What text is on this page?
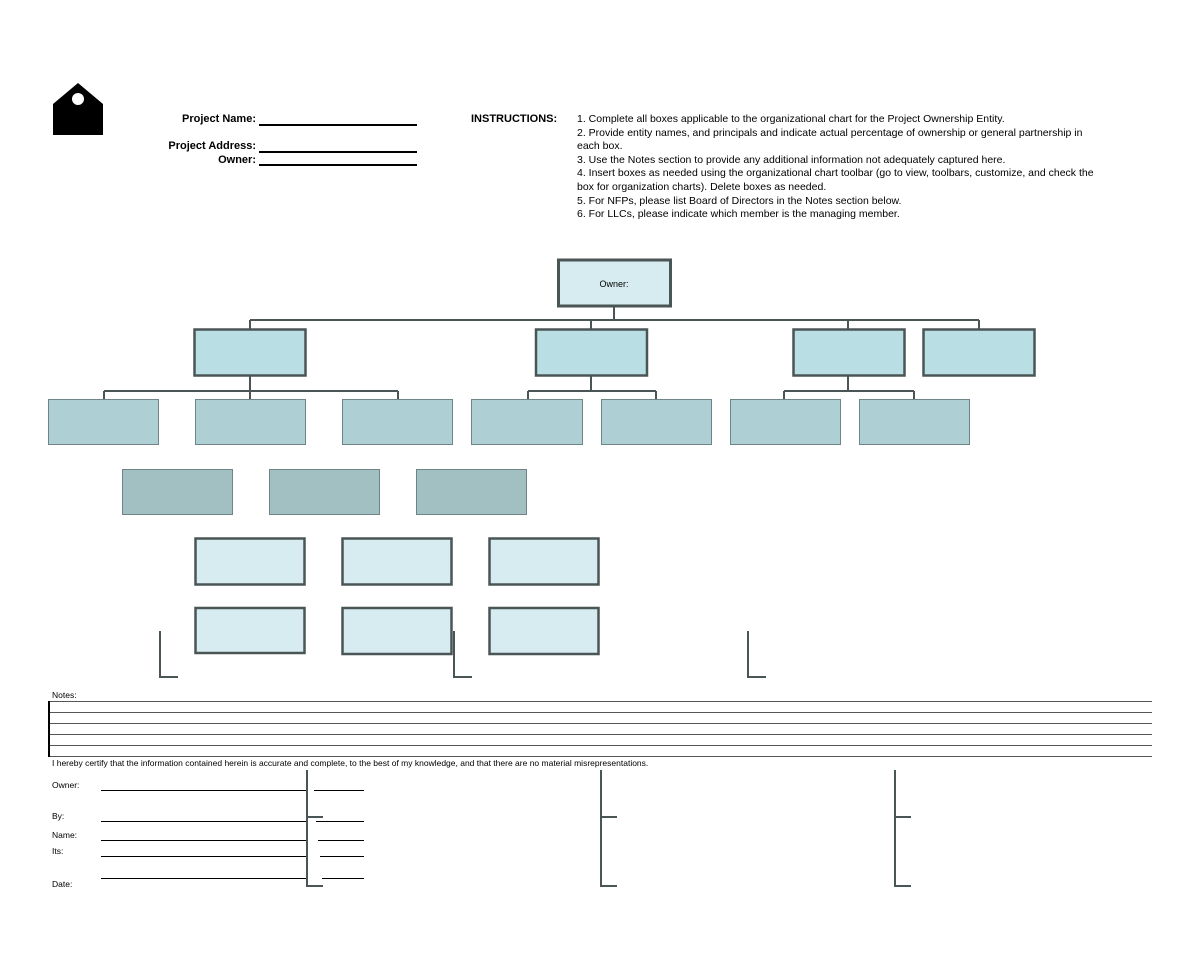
Project Name:
Project Address:
Owner:
INSTRUCTIONS: 1. Complete all boxes applicable to the organizational chart for the Project Ownership Entity.
2. Provide entity names, and principals and indicate actual percentage of ownership or general partnership in each box.
3. Use the Notes section to provide any additional information not adequately captured here.
4. Insert boxes as needed using the organizational chart toolbar (go to view, toolbars, customize, and check the box for organization charts). Delete boxes as needed.
5. For NFPs, please list Board of Directors in the Notes section below.
6. For LLCs, please indicate which member is the managing member.
Owner:
Notes:
I hereby certify that the information contained herein is accurate and complete, to the best of my knowledge, and that there are no material misrepresentations.
Owner:
By:
Name:
Its:
Date:
